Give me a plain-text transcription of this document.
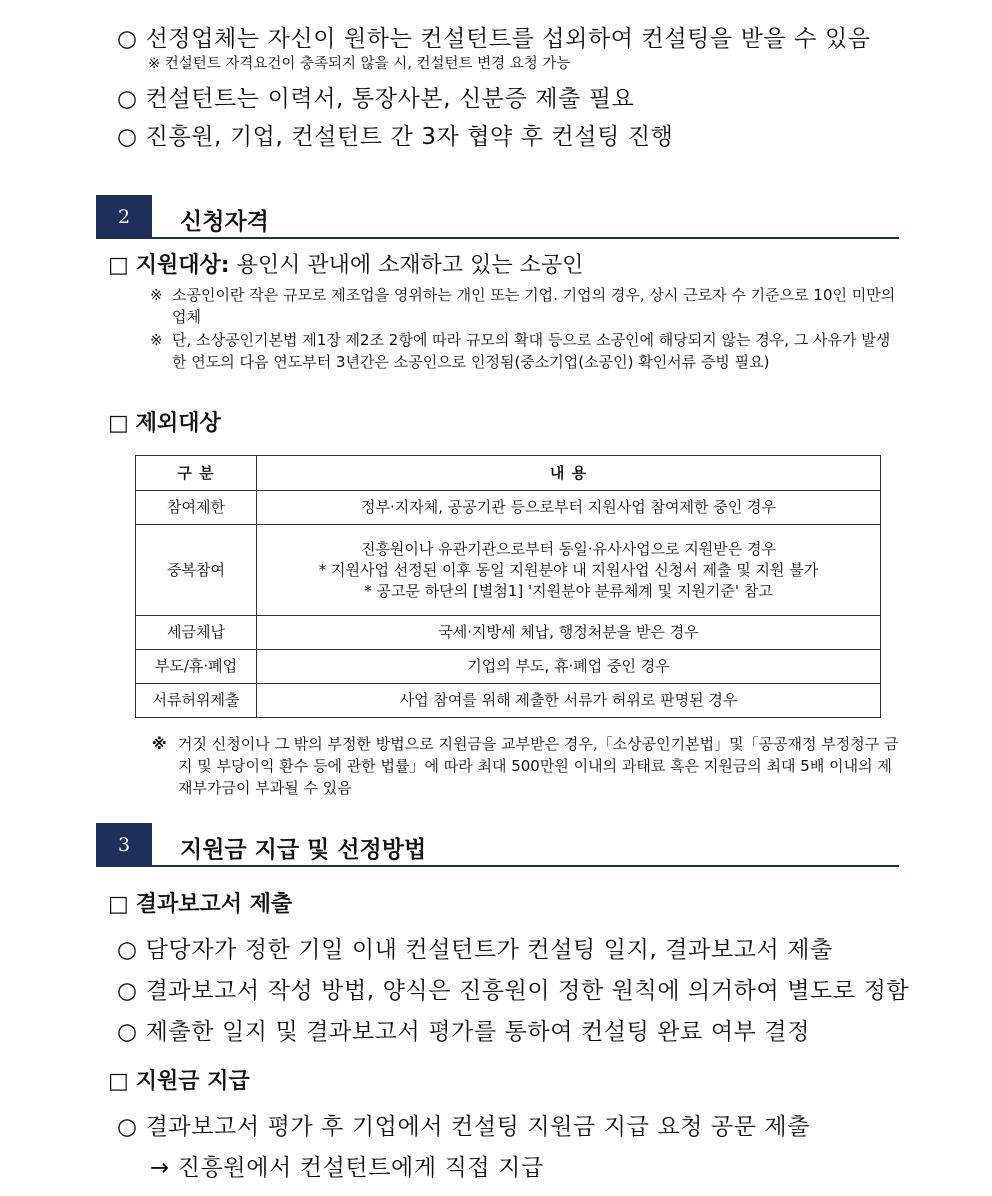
○ 선정업체는 자신이 원하는 컨설턴트를 섭외하여 컨설팅을 받을 수 있음
※ 컨설턴트 자격요건이 충족되지 않을 시, 컨설턴트 변경 요청 가능
○ 컨설턴트는 이력서, 통장사본, 신분증 제출 필요
○ 진흥원, 기업, 컨설턴트 간 3자 협약 후 컨설팅 진행
2	신청자격
□ 지원대상: 용인시 관내에 소재하고 있는 소공인
※ 소공인이란 작은 규모로 제조업을 영위하는 개인 또는 기업. 기업의 경우, 상시 근로자 수 기준으로 10인 미만의 업체
※ 단, 소상공인기본법 제1장 제2조 2항에 따라 규모의 확대 등으로 소공인에 해당되지 않는 경우, 그 사유가 발생한 연도의 다음 연도부터 3년간은 소공인으로 인정됨(중소기업(소공인) 확인서류 증빙 필요)
□ 제외대상
구 분	내 용
참여제한	정부·지자체, 공공기관 등으로부터 지원사업 참여제한 중인 경우
중복참여	진흥원이나 유관기관으로부터 동일·유사사업으로 지원받은 경우
* 지원사업 선정된 이후 동일 지원분야 내 지원사업 신청서 제출 및 지원 불가
* 공고문 하단의 [별첨1] '지원분야 분류체계 및 지원기준' 참고

세금체납	국세·지방세 체납, 행정처분을 받은 경우
부도/휴·폐업	기업의 부도, 휴·폐업 중인 경우
서류허위제출	사업 참여를 위해 제출한 서류가 허위로 판명된 경우
※ 거짓 신청이나 그 밖의 부정한 방법으로 지원금을 교부받은 경우,「소상공인기본법」및「공공재정 부정청구 금지 및 부당이익 환수 등에 관한 법률」에 따라 최대 500만원 이내의 과태료 혹은 지원금의 최대 5배 이내의 제재부가금이 부과될 수 있음
3	지원금 지급 및 선정방법
□ 결과보고서 제출
○ 담당자가 정한 기일 이내 컨설턴트가 컨설팅 일지, 결과보고서 제출
○ 결과보고서 작성 방법, 양식은 진흥원이 정한 원칙에 의거하여 별도로 정함
○ 제출한 일지 및 결과보고서 평가를 통하여 컨설팅 완료 여부 결정
□ 지원금 지급
○ 결과보고서 평가 후 기업에서 컨설팅 지원금 지급 요청 공문 제출
→ 진흥원에서 컨설턴트에게 직접 지급
